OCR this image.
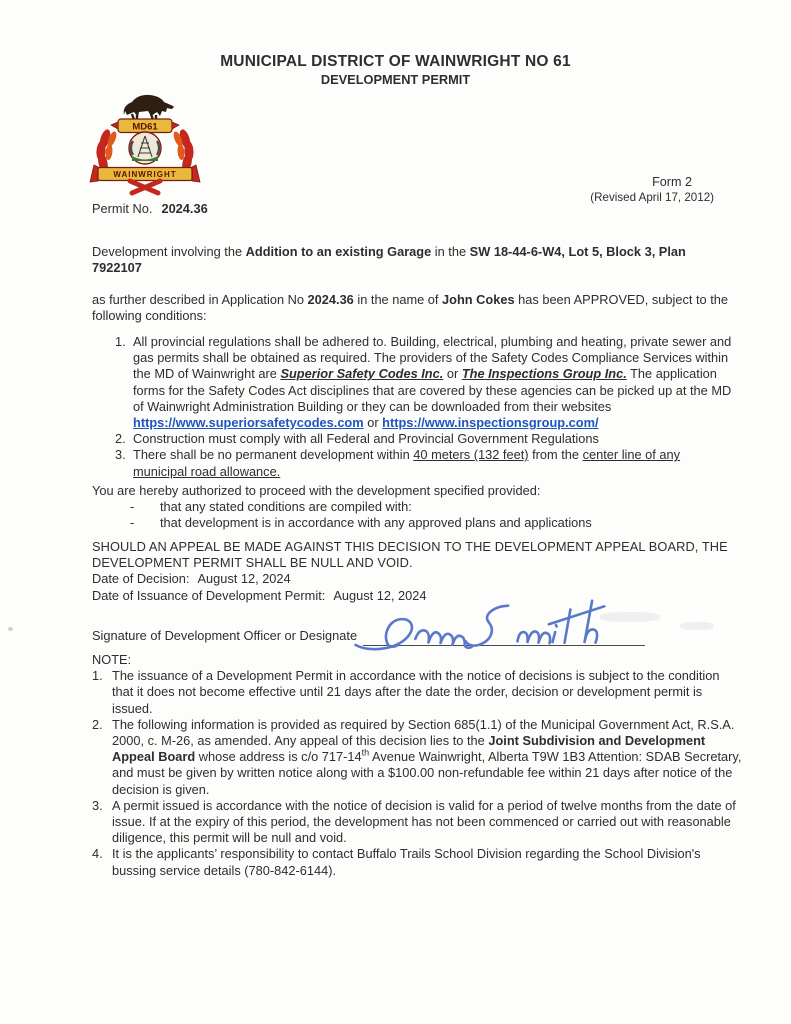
MUNICIPAL DISTRICT OF WAINWRIGHT NO 61
DEVELOPMENT PERMIT
MD61
WAINWRIGHT
Form 2
(Revised April 17, 2012)
Permit No. 2024.36

Development involving the Addition to an existing Garage in the SW 18-44-6-W4, Lot 5, Block 3, Plan 7922107

as further described in Application No 2024.36 in the name of John Cokes has been APPROVED, subject to the following conditions:

1. All provincial regulations shall be adhered to. Building, electrical, plumbing and heating, private sewer and gas permits shall be obtained as required. The providers of the Safety Codes Compliance Services within the MD of Wainwright are Superior Safety Codes Inc. or The Inspections Group Inc. The application forms for the Safety Codes Act disciplines that are covered by these agencies can be picked up at the MD of Wainwright Administration Building or they can be downloaded from their websites https://www.superiorsafetycodes.com or https://www.inspectionsgroup.com/
2. Construction must comply with all Federal and Provincial Government Regulations
3. There shall be no permanent development within 40 meters (132 feet) from the center line of any municipal road allowance.
You are hereby authorized to proceed with the development specified provided:
-	that any stated conditions are compiled with:
-	that development is in accordance with any approved plans and applications
SHOULD AN APPEAL BE MADE AGAINST THIS DECISION TO THE DEVELOPMENT APPEAL BOARD, THE DEVELOPMENT PERMIT SHALL BE NULL AND VOID.
Date of Decision: August 12, 2024
Date of Issuance of Development Permit: August 12, 2024
Signature of Development Officer or Designate
NOTE:
1. The issuance of a Development Permit in accordance with the notice of decisions is subject to the condition that it does not become effective until 21 days after the date the order, decision or development permit is issued.
2. The following information is provided as required by Section 685(1.1) of the Municipal Government Act, R.S.A. 2000, c. M-26, as amended. Any appeal of this decision lies to the Joint Subdivision and Development Appeal Board whose address is c/o 717-14th Avenue Wainwright, Alberta T9W 1B3 Attention: SDAB Secretary, and must be given by written notice along with a $100.00 non-refundable fee within 21 days after notice of the decision is given.
3. A permit issued is accordance with the notice of decision is valid for a period of twelve months from the date of issue. If at the expiry of this period, the development has not been commenced or carried out with reasonable diligence, this permit will be null and void.
4. It is the applicants’ responsibility to contact Buffalo Trails School Division regarding the School Division's bussing service details (780-842-6144).
